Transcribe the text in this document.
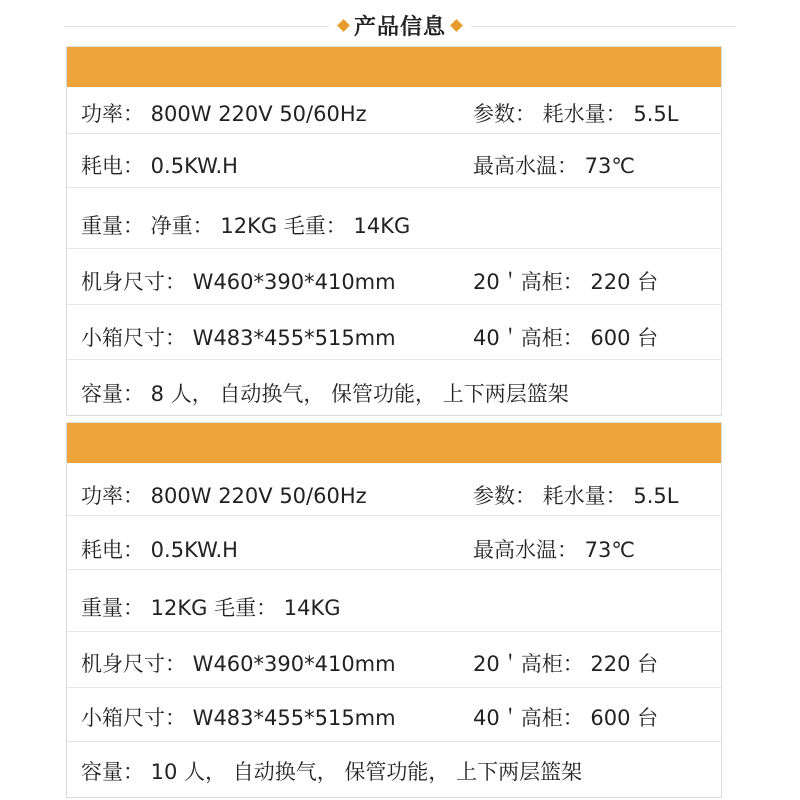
产品信息
功率： 800W 220V 50/60Hz	参数： 耗水量： 5.5L
耗电： 0.5KW.H	最高水温： 73℃
重量： 净重： 12KG 毛重： 14KG
机身尺寸： W460*390*410mm	20＇高柜： 220 台
小箱尺寸： W483*455*515mm	40＇高柜： 600 台
容量： 8 人， 自动换气， 保管功能， 上下两层篮架
功率： 800W 220V 50/60Hz	参数： 耗水量： 5.5L
耗电： 0.5KW.H	最高水温： 73℃
重量： 12KG 毛重： 14KG
机身尺寸： W460*390*410mm	20＇高柜： 220 台
小箱尺寸： W483*455*515mm	40＇高柜： 600 台
容量： 10 人， 自动换气， 保管功能， 上下两层篮架
